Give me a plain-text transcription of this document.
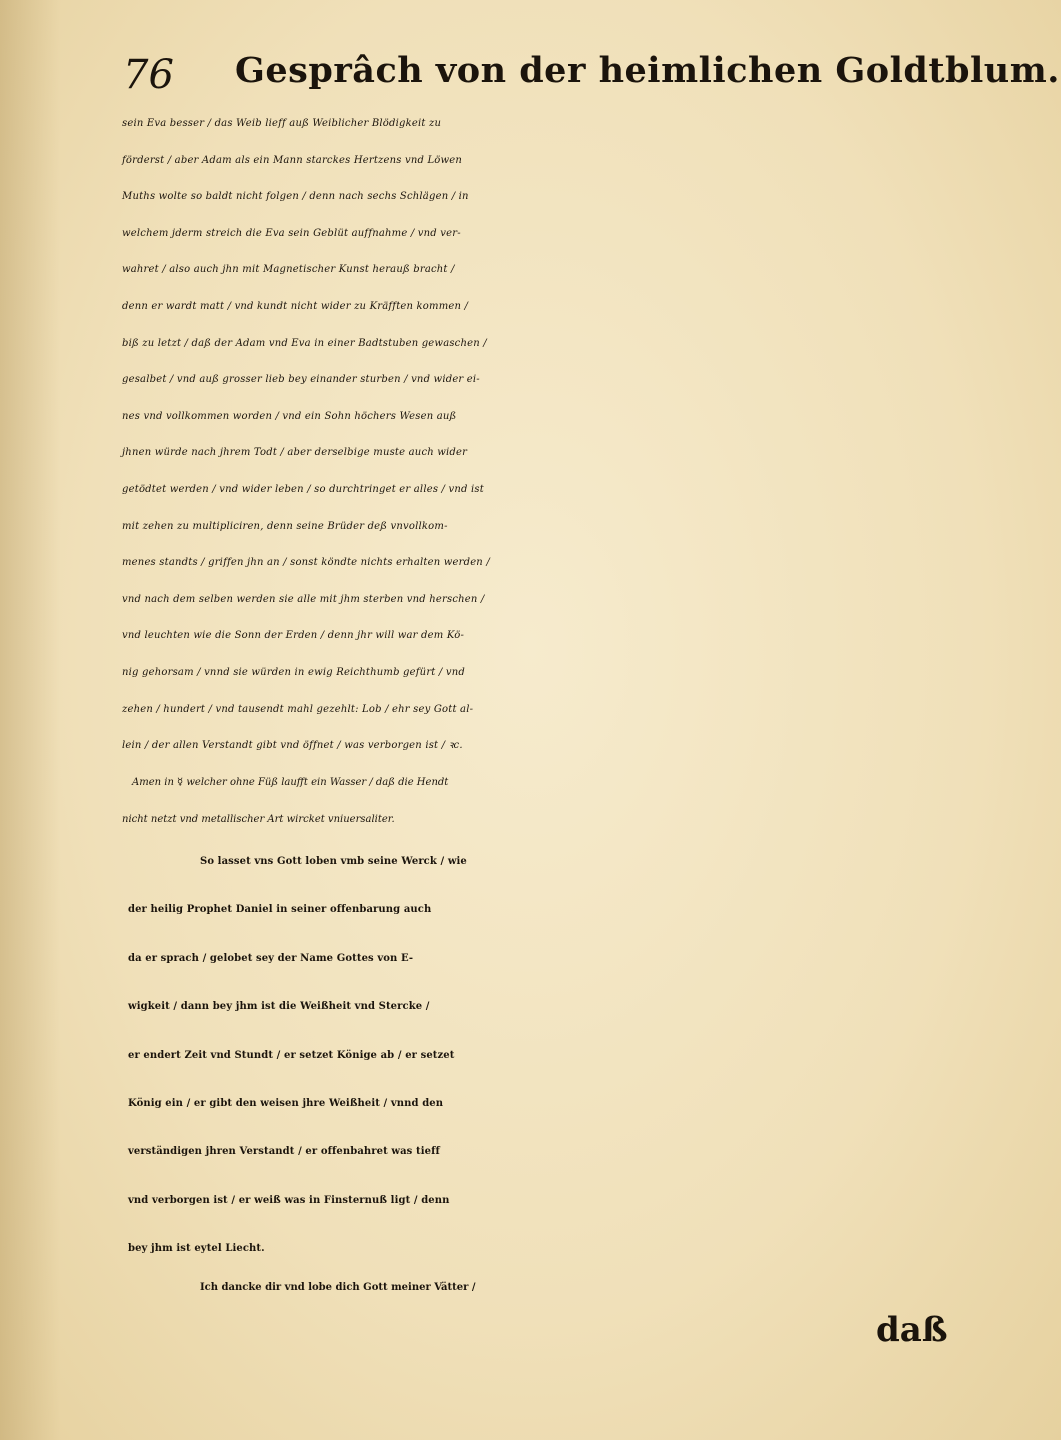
76 Gesprâch von der heimlichen Goldtblum.
sein Eva besser / das Weib lieff auß Weiblicher Blödigkeit zu
förderst / aber Adam als ein Mann starckes Hertzens vnd Löwen
Muths wolte so baldt nicht folgen / denn nach sechs Schlägen / in
welchem jderm streich die Eva sein Geblüt auffnahme / vnd ver-
wahret / also auch jhn mit Magnetischer Kunst herauß bracht /
denn er wardt matt / vnd kundt nicht wider zu Kräfften kommen /
biß zu letzt / daß der Adam vnd Eva in einer Badtstuben gewaschen /
gesalbet / vnd auß grosser lieb bey einander sturben / vnd wider ei-
nes vnd vollkommen worden / vnd ein Sohn höchers Wesen auß
jhnen würde nach jhrem Todt / aber derselbige muste auch wider
getödtet werden / vnd wider leben / so durchtringet er alles / vnd ist
mit zehen zu multipliciren, denn seine Brüder deß vnvollkom-
menes standts / griffen jhn an / sonst köndte nichts erhalten werden /
vnd nach dem selben werden sie alle mit jhm sterben vnd herschen /
vnd leuchten wie die Sonn der Erden / denn jhr will war dem Kö-
nig gehorsam / vnnd sie würden in ewig Reichthumb gefürt / vnd
zehen / hundert / vnd tausendt mahl gezehlt: Lob / ehr sey Gott al-
lein / der allen Verstandt gibt vnd öffnet / was verborgen ist / ꝛc.
Amen in ☿ welcher ohne Füß laufft ein Wasser / daß die Hendt
nicht netzt vnd metallischer Art wircket vniuersaliter.
So lasset vns Gott loben vmb seine Werck / wie
der heilig Prophet Daniel in seiner offenbarung auch
da er sprach / gelobet sey der Name Gottes von E-
wigkeit / dann bey jhm ist die Weißheit vnd Stercke /
er endert Zeit vnd Stundt / er setzet Könige ab / er setzet
König ein / er gibt den weisen jhre Weißheit / vnnd den
verständigen jhren Verstandt / er offenbahret was tieff
vnd verborgen ist / er weiß was in Finsternuß ligt / denn
bey jhm ist eytel Liecht.
Ich dancke dir vnd lobe dich Gott meiner Vätter /
daß
